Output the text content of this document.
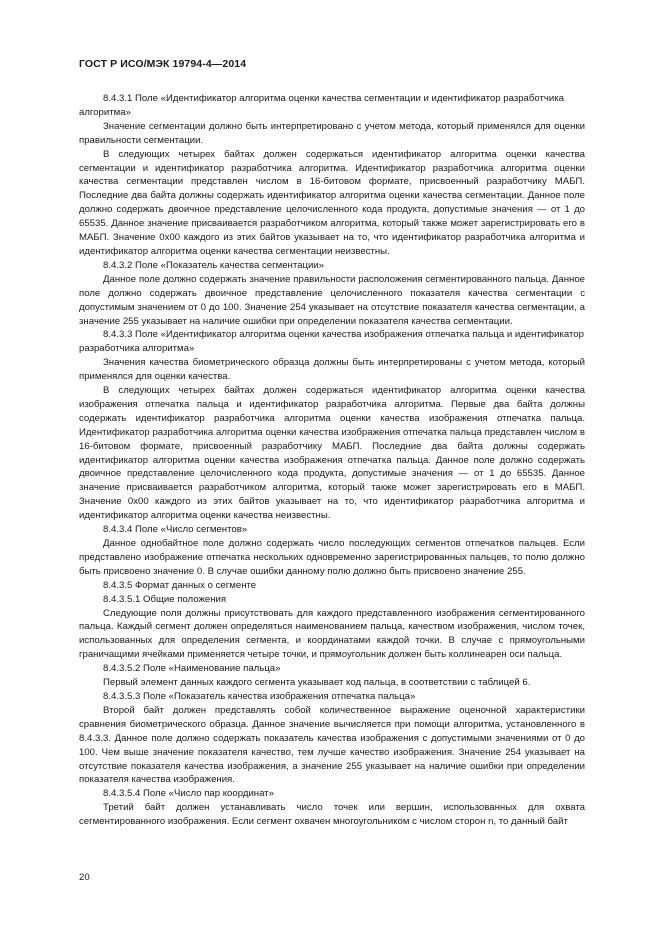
ГОСТ Р ИСО/МЭК 19794-4—2014

8.4.3.1 Поле «Идентификатор алгоритма оценки качества сегментации и идентификатор разработчика алгоритма»

Значение сегментации должно быть интерпретировано с учетом метода, который применялся для оценки правильности сегментации.

В следующих четырех байтах должен содержаться идентификатор алгоритма оценки качества сегментации и идентификатор разработчика алгоритма. Идентификатор разработчика алгоритма оценки качества сегментации представлен числом в 16-битовом формате, присвоенный разработчику МАБП. Последние два байта должны содержать идентификатор алгоритма оценки качества сегментации. Данное поле должно содержать двоичное представление целочисленного кода продукта, допустимые значения — от 1 до 65535. Данное значение присваивается разработчиком алгоритма, который также может зарегистрировать его в МАБП. Значение 0x00 каждого из этих байтов указывает на то, что идентификатор разработчика алгоритма и идентификатор алгоритма оценки качества сегментации неизвестны.

8.4.3.2 Поле «Показатель качества сегментации»

Данное поле должно содержать значение правильности расположения сегментированного пальца. Данное поле должно содержать двоичное представление целочисленного показателя качества сегментации с допустимым значением от 0 до 100. Значение 254 указывает на отсутствие показателя качества сегментации, а значение 255 указывает на наличие ошибки при определении показателя качества сегментации.

8.4.3.3 Поле «Идентификатор алгоритма оценки качества изображения отпечатка пальца и идентификатор разработчика алгоритма»

Значения качества биометрического образца должны быть интерпретированы с учетом метода, который применялся для оценки качества.

В следующих четырех байтах должен содержаться идентификатор алгоритма оценки качества изображения отпечатка пальца и идентификатор разработчика алгоритма. Первые два байта должны содержать идентификатор разработчика алгоритма оценки качества изображения отпечатка пальца. Идентификатор разработчика алгоритма оценки качества изображения отпечатка пальца представлен числом в 16-битовом формате, присвоенный разработчику МАБП. Последние два байта должны содержать идентификатор алгоритма оценки качества изображения отпечатка пальца. Данное поле должно содержать двоичное представление целочисленного кода продукта, допустимые значения — от 1 до 65535. Данное значение присваивается разработчиком алгоритма, который также может зарегистрировать его в МАБП. Значение 0x00 каждого из этих байтов указывает на то, что идентификатор разработчика алгоритма и идентификатор алгоритма оценки качества неизвестны.

8.4.3.4 Поле «Число сегментов»

Данное однобайтное поле должно содержать число последующих сегментов отпечатков пальцев. Если представлено изображение отпечатка нескольких одновременно зарегистрированных пальцев, то полю должно быть присвоено значение 0. В случае ошибки данному полю должно быть присвоено значение 255.

8.4.3.5 Формат данных о сегменте

8.4.3.5.1 Общие положения

Следующие поля должны присутствовать для каждого представленного изображения сегментированного пальца. Каждый сегмент должен определяться наименованием пальца, качеством изображения, числом точек, использованных для определения сегмента, и координатами каждой точки. В случае с прямоугольными граничащими ячейками применяется четыре точки, и прямоугольник должен быть коллинеарен оси пальца.

8.4.3.5.2 Поле «Наименование пальца»

Первый элемент данных каждого сегмента указывает код пальца, в соответствии с таблицей 6.

8.4.3.5.3 Поле «Показатель качества изображения отпечатка пальца»

Второй байт должен представлять собой количественное выражение оценочной характеристики сравнения биометрического образца. Данное значение вычисляется при помощи алгоритма, установленного в 8.4.3.3. Данное поле должно содержать показатель качества изображения с допустимыми значениями от 0 до 100. Чем выше значение показателя качество, тем лучше качество изображения. Значение 254 указывает на отсутствие показателя качества изображения, а значение 255 указывает на наличие ошибки при определении показателя качества изображения.

8.4.3.5.4 Поле «Число пар координат»

Третий байт должен устанавливать число точек или вершин, использованных для охвата сегментированного изображения. Если сегмент охвачен многоугольником с числом сторон n, то данный байт

20
